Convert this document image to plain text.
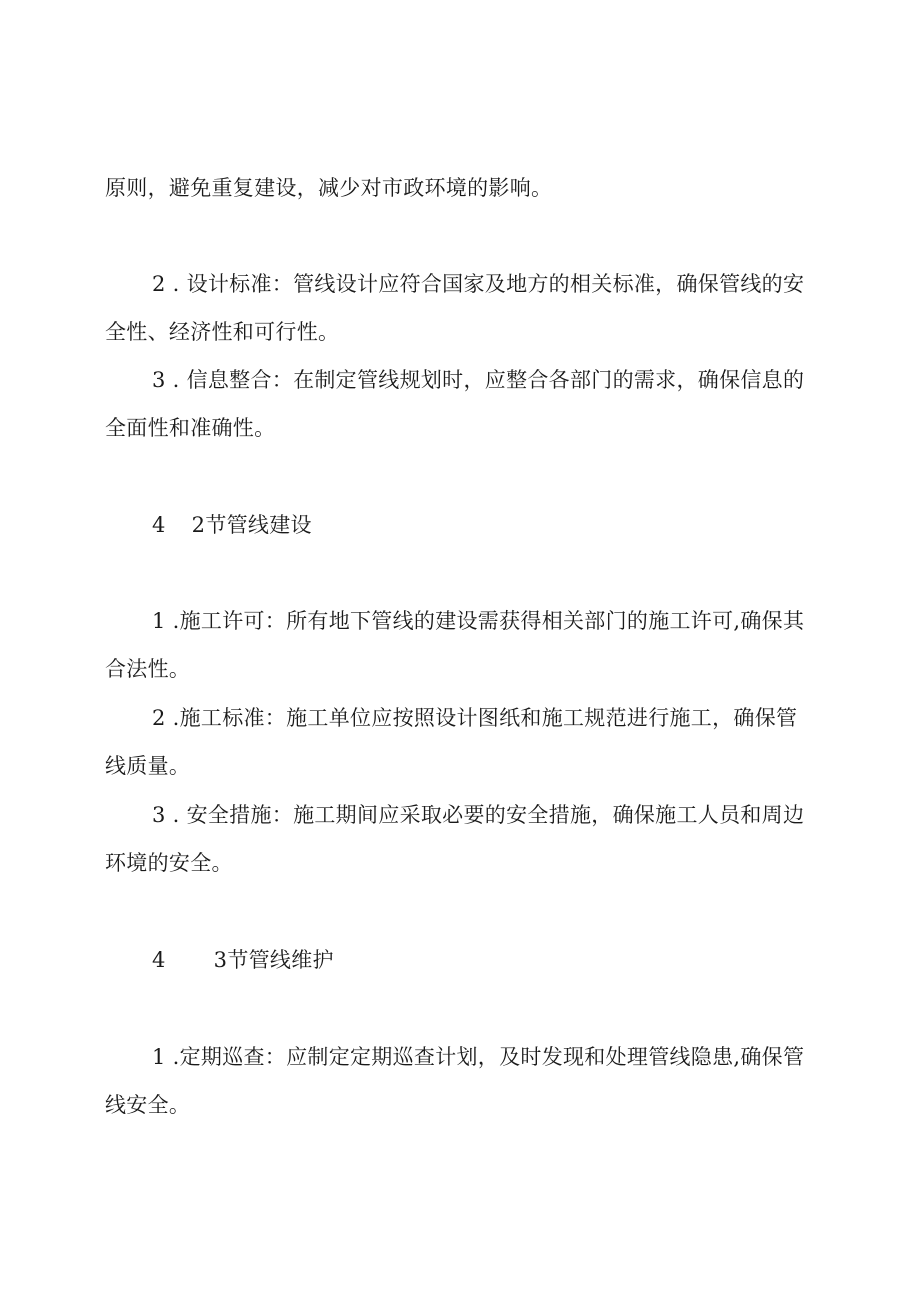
原则，避免重复建设，减少对市政环境的影响。
2 . 设计标准：管线设计应符合国家及地方的相关标准，确保管线的安
全性、经济性和可行性。
3 . 信息整合：在制定管线规划时，应整合各部门的需求，确保信息的
全面性和准确性。
4 2节管线建设
1 .施工许可：所有地下管线的建设需获得相关部门的施工许可,确保其
合法性。
2 .施工标准：施工单位应按照设计图纸和施工规范进行施工，确保管
线质量。
3 . 安全措施：施工期间应采取必要的安全措施，确保施工人员和周边
环境的安全。
4 3节管线维护
1 .定期巡查：应制定定期巡查计划，及时发现和处理管线隐患,确保管
线安全。
